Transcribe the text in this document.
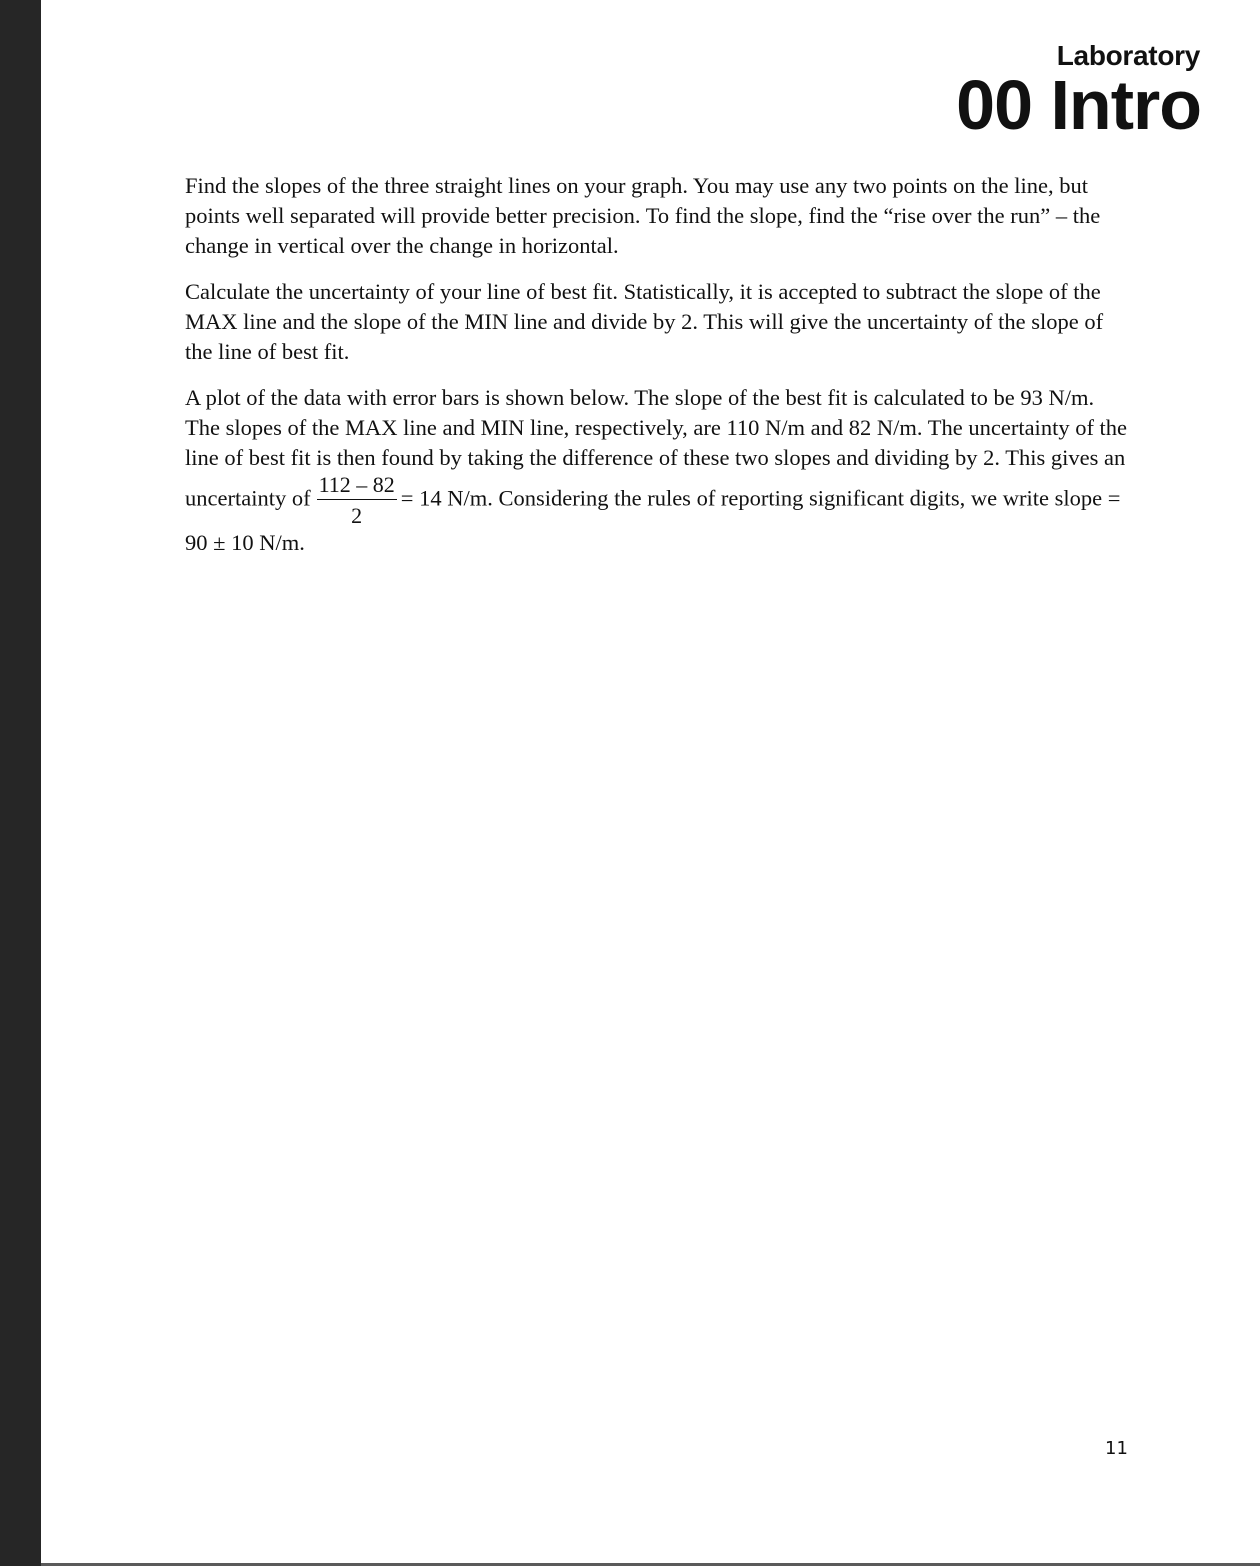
Laboratory
00 Intro

Find the slopes of the three straight lines on your graph. You may use any two points on the line, but points well separated will provide better precision. To find the slope, find the “rise over the run” – the change in vertical over the change in horizontal.

Calculate the uncertainty of your line of best fit. Statistically, it is accepted to subtract the slope of the MAX line and the slope of the MIN line and divide by 2. This will give the uncertainty of the slope of the line of best fit.

A plot of the data with error bars is shown below. The slope of the best fit is calculated to be 93 N/m. The slopes of the MAX line and MIN line, respectively, are 110 N/m and 82 N/m. The uncertainty of the line of best fit is then found by taking the difference of these two slopes and dividing by 2. This gives an uncertainty of $\frac{112 - 82}{2} = 14$ N/m. Considering the rules of reporting significant digits, we write slope = 90 ± 10 N/m.

11
